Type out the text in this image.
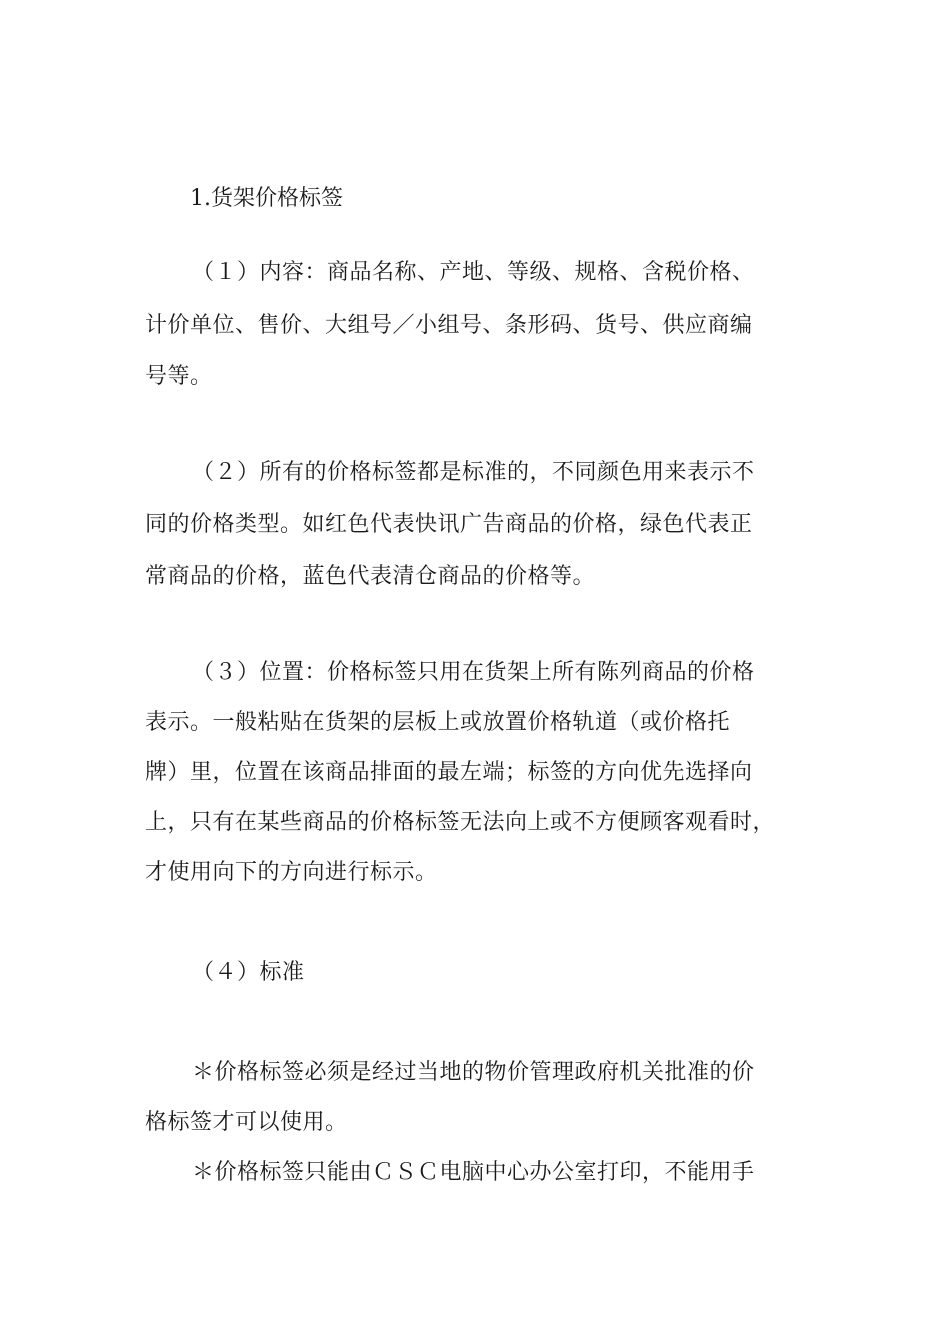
1.货架价格标签
（１）内容：商品名称、产地、等级、规格、含税价格、
计价单位、售价、大组号／小组号、条形码、货号、供应商编
号等。
（２）所有的价格标签都是标准的，不同颜色用来表示不
同的价格类型。如红色代表快讯广告商品的价格，绿色代表正
常商品的价格，蓝色代表清仓商品的价格等。
（３）位置：价格标签只用在货架上所有陈列商品的价格
表示。一般粘贴在货架的层板上或放置价格轨道（或价格托
牌）里，位置在该商品排面的最左端；标签的方向优先选择向
上，只有在某些商品的价格标签无法向上或不方便顾客观看时，
才使用向下的方向进行标示。
（４）标准
＊价格标签必须是经过当地的物价管理政府机关批准的价
格标签才可以使用。
＊价格标签只能由ＣＳＣ电脑中心办公室打印，不能用手
